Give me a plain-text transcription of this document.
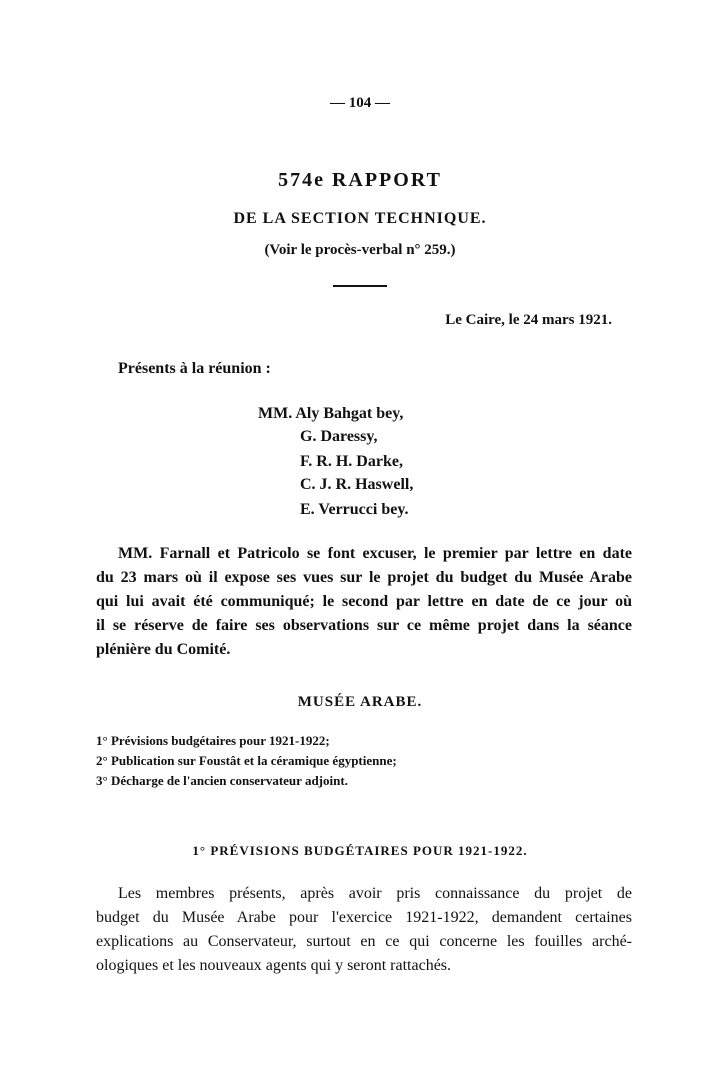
— 104 —
574e RAPPORT
DE LA SECTION TECHNIQUE.
(Voir le procès-verbal n° 259.)
Le Caire, le 24 mars 1921.
Présents à la réunion :
MM. Aly Bahgat bey,
G. Daressy,
F. R. H. Darke,
C. J. R. Haswell,
E. Verrucci bey.
MM. Farnall et Patricolo se font excuser, le premier par lettre en date
du 23 mars où il expose ses vues sur le projet du budget du Musée Arabe
qui lui avait été communiqué; le second par lettre en date de ce jour où
il se réserve de faire ses observations sur ce même projet dans la séance
plénière du Comité.
MUSÉE ARABE.
1° Prévisions budgétaires pour 1921-1922;
2° Publication sur Foustât et la céramique égyptienne;
3° Décharge de l'ancien conservateur adjoint.
1° PRÉVISIONS BUDGÉTAIRES POUR 1921-1922.
Les membres présents, après avoir pris connaissance du projet de
budget du Musée Arabe pour l'exercice 1921-1922, demandent certaines
explications au Conservateur, surtout en ce qui concerne les fouilles arché-
ologiques et les nouveaux agents qui y seront rattachés.
